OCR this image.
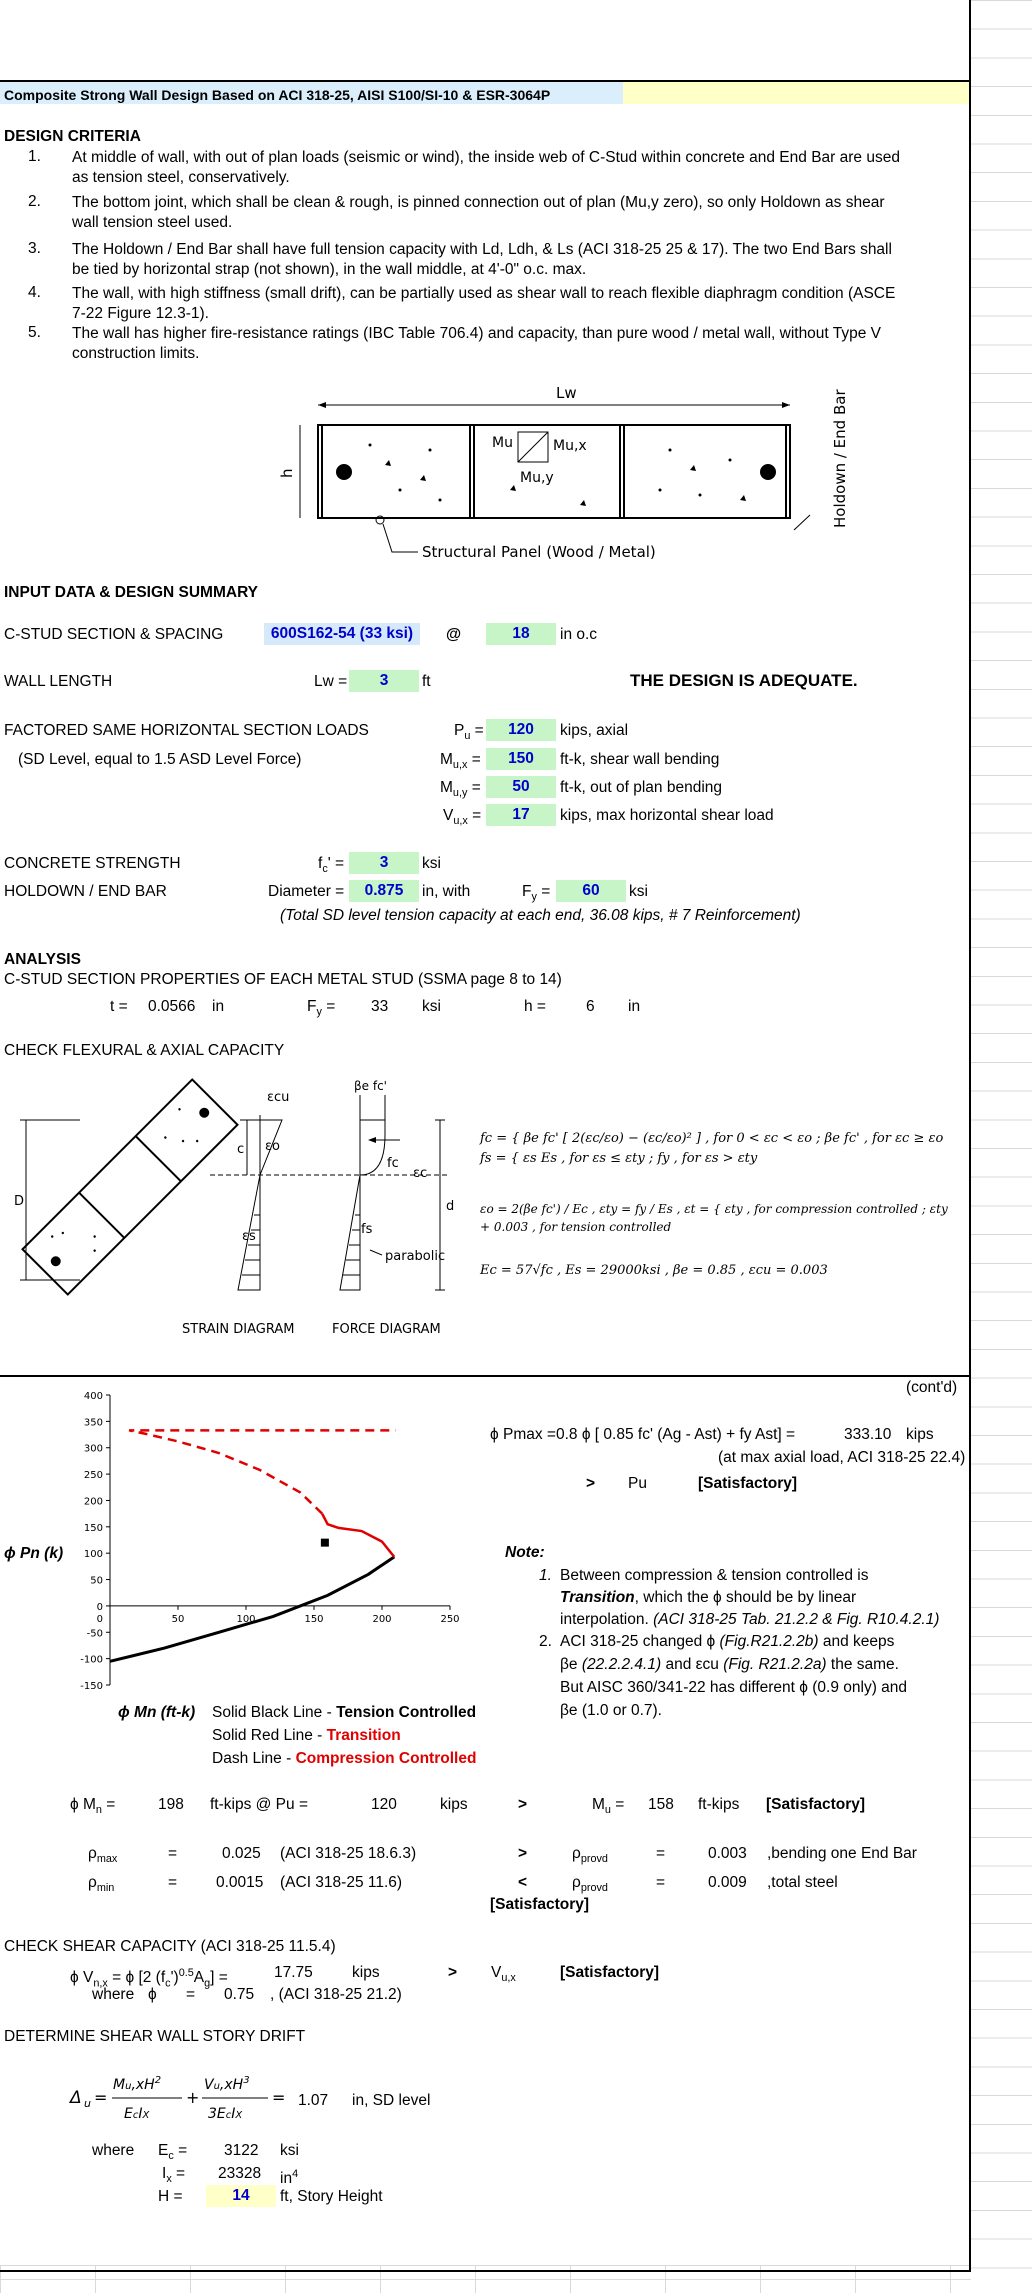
Composite Strong Wall Design Based on ACI 318-25, AISI S100/SI-10 & ESR-3064P
DESIGN CRITERIA
1. At middle of wall, with out of plan loads (seismic or wind), the inside web of C-Stud within concrete and End Bar are used as tension steel, conservatively.
2. The bottom joint, which shall be clean & rough, is pinned connection out of plan (Mu,y zero), so only Holdown as shear wall tension steel used.
3. The Holdown / End Bar shall have full tension capacity with Ld, Ldh, & Ls (ACI 318-25 25 & 17). The two End Bars shall be tied by horizontal strap (not shown), in the wall middle, at 4'-0" o.c. max.
4. The wall, with high stiffness (small drift), can be partially used as shear wall to reach flexible diaphragm condition (ASCE 7-22 Figure 12.3-1).
5. The wall has higher fire-resistance ratings (IBC Table 706.4) and capacity, than pure wood / metal wall, without Type V construction limits.
Lw
h
Mu	Mu,x
Mu,y
Structural Panel (Wood / Metal)
Holdown / End Bar
INPUT DATA & DESIGN SUMMARY
C-STUD SECTION & SPACING	600S162-54 (33 ksi)	@	18	in o.c
WALL LENGTH	Lw =	3	ft	THE DESIGN IS ADEQUATE.
FACTORED SAME HORIZONTAL SECTION LOADS
(SD Level, equal to 1.5 ASD Level Force)
$P_u$ =	120	kips, axial
$M_{u,x}$ =	150	ft-k, shear wall bending
$M_{u,y}$ =	50	ft-k, out of plan bending
$V_{u,x}$ =	17	kips, max horizontal shear load
CONCRETE STRENGTH	$f_c'$ =	3	ksi
HOLDOWN / END BAR	Diameter =	0.875	in, with	$F_y$ =	60	ksi
(Total SD level tension capacity at each end, 36.08 kips, # 7 Reinforcement)
ANALYSIS
C-STUD SECTION PROPERTIES OF EACH METAL STUD (SSMA page 8 to 14)
t = 0.0566 in	$F_y = 33$ ksi	h =	6 in
CHECK FLEXURAL & AXIAL CAPACITY
D
εcu
c εo
εs
d
βe fc'
fc
εc
fs
parabolic
STRAIN DIAGRAM	FORCE DIAGRAM
fc = { βe fc' [ 2(εc/εo) − (εc/εo)² ] , for 0 < εc < εo ; βe fc' , for εc ≥ εo
fs = { εs Es , for εs ≤ εty ; fy , for εs > εty
εo = 2(βe fc') / Ec , εty = fy / Es , εt = { εty , for compression controlled ; εty + 0.003 , for tension controlled
Ec = 57√fc , Es = 29000ksi , βe = 0.85 , εcu = 0.003
(cont'd)
-150
-100
-50
0
50
100
150
200
250
300
350
400
50	100	150	200	250
0
ϕ Pn (k)
ϕ Mn (ft-k) Solid Black Line - Tension Controlled
Solid Red Line - Transition
Dash Line - Compression Controlled
ϕ Pmax =0.8 ϕ [ 0.85 fc' (Ag - Ast) + fy Ast] =	333.10 kips
(at max axial load, ACI 318-25 22.4)
> Pu	[Satisfactory]
Note:
1. Between compression & tension controlled is
Transition, which the ϕ should be by linear
interpolation. (ACI 318-25 Tab. 21.2.2 & Fig. R10.4.2.1)
2. ACI 318-25 changed ϕ (Fig.R21.2.2b) and keeps
βe (22.2.2.4.1) and εcu (Fig. R21.2.2a) the same.
But AISC 360/341-22 has different ϕ (0.9 only) and
βe (1.0 or 0.7).
ϕ $M_n$ =	198 ft-kips @ Pu =	120	kips	>	$M_u = 158$ ft-kips [Satisfactory]
$\rho_{max}$	=	0.025 (ACI 318-25 18.6.3)	>	$\rho_{provd}$	=	0.003 ,bending one End Bar
$\rho_{min}$	=	0.0015 (ACI 318-25 11.6)	<	$\rho_{provd}$	=	0.009 ,total steel
[Satisfactory]
CHECK SHEAR CAPACITY (ACI 318-25 11.5.4)
ϕ $V_{n,x} = \phi$ [2 $(f_c')^{0.5}A_g$] =	17.75	kips	> $V_{u,x}$	[Satisfactory]
where ϕ = 0.75 , (ACI 318-25 21.2)
DETERMINE SHEAR WALL STORY DRIFT
Δ u =
$Mu,xH^2$
EcIX
+
$Vu,xH^3$
3EcIX
= 1.07 in, SD level
where $E_c = 3122$ ksi
$I_x = 23328$ $in^4$
H =	14	ft, Story Height
